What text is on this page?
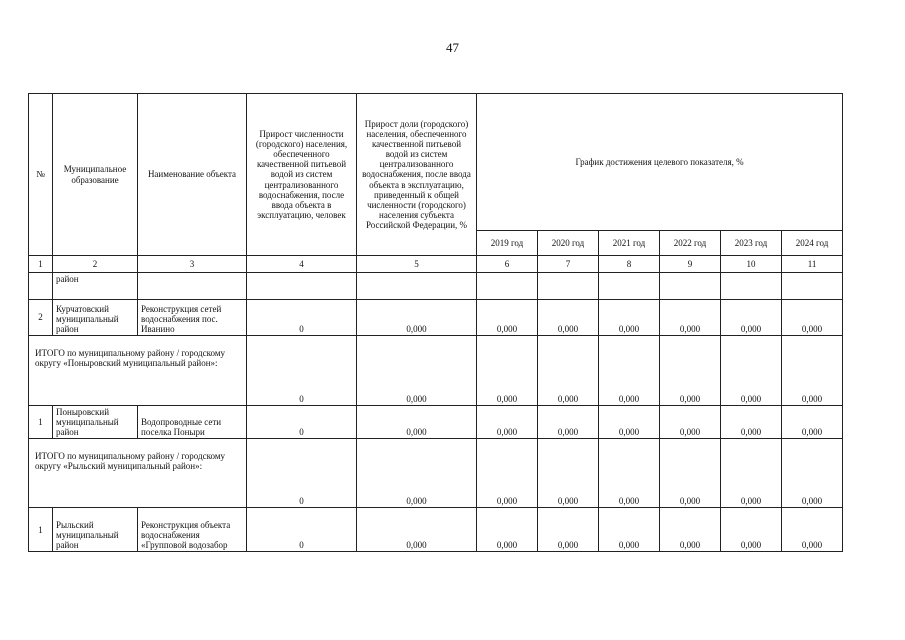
47
№	Муниципальное образование	Наименование объекта	Прирост численности (городского) населения, обеспеченного качественной питьевой водой из систем централизованного водоснабжения, после ввода объекта в эксплуатацию, человек	Прирост доли (городского) населения, обеспеченного качественной питьевой водой из систем централизованного водоснабжения, после ввода объекта в эксплуатацию, приведенный к общей численности (городского) населения субъекта Российской Федерации, %	График достижения целевого показателя, %					
					2019 год	2020 год	2021 год	2022 год	2023 год	2024 год
1	2	3	4	5	6	7	8	9	10	11
	район									
2	Курчатовский муниципальный район	Реконструкция сетей водоснабжения пос. Иванино	0	0,000	0,000	0,000	0,000	0,000	0,000	0,000
ИТОГО по муниципальному району / городскому округу «Поныровский муниципальный район»:			0	0,000	0,000	0,000	0,000	0,000	0,000	0,000
1	Поныровский муниципальный район	Водопроводные сети поселка Поныри	0	0,000	0,000	0,000	0,000	0,000	0,000	0,000
ИТОГО по муниципальному району / городскому округу «Рыльский муниципальный район»:			0	0,000	0,000	0,000	0,000	0,000	0,000	0,000
1	Рыльский муниципальный район	Реконструкция объекта водоснабжения «Групповой водозабор	0	0,000	0,000	0,000	0,000	0,000	0,000	0,000
